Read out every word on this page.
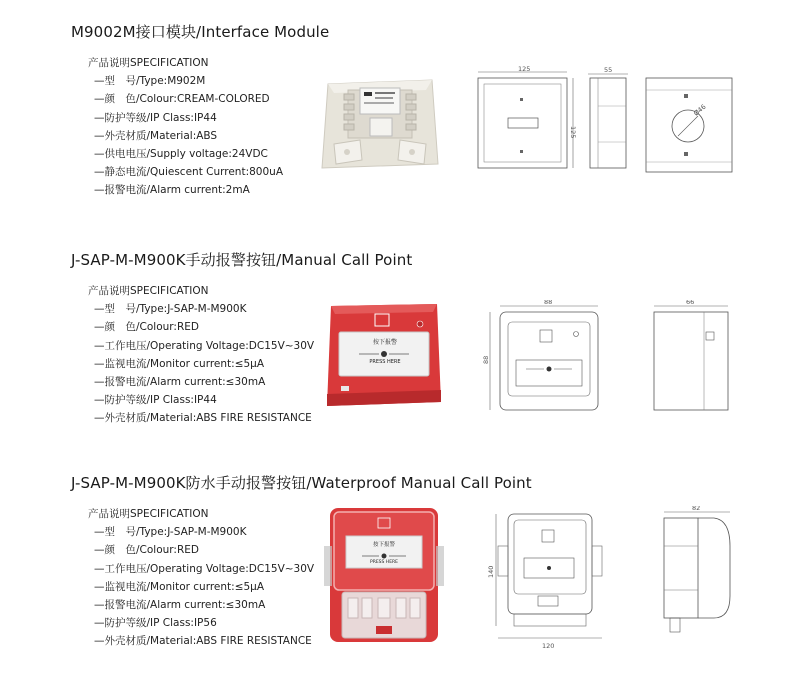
M9002M接口模块/Interface Module
产品说明SPECIFICATION
—型　号/Type:M902M
—颜　色/Colour:CREAM-COLORED
—防护等级/IP Class:IP44
—外壳材质/Material:ABS
—供电电压/Supply voltage:24VDC
—静态电流/Quiescent Current:800uA
—报警电流/Alarm current:2mA
125
125
55
Ø46
J-SAP-M-M900K手动报警按钮/Manual Call Point
产品说明SPECIFICATION
—型　号/Type:J-SAP-M-M900K
—颜　色/Colour:RED
—工作电压/Operating Voltage:DC15V~30V
—监视电流/Monitor current:≤5μA
—报警电流/Alarm current:≤30mA
—防护等级/IP Class:IP44
—外壳材质/Material:ABS FIRE RESISTANCE
按下报警
PRESS HERE
88
88
66
J-SAP-M-M900K防水手动报警按钮/Waterproof Manual Call Point
产品说明SPECIFICATION
—型　号/Type:J-SAP-M-M900K
—颜　色/Colour:RED
—工作电压/Operating Voltage:DC15V~30V
—监视电流/Monitor current:≤5μA
—报警电流/Alarm current:≤30mA
—防护等级/IP Class:IP56
—外壳材质/Material:ABS FIRE RESISTANCE
按下报警
PRESS HERE
140
120
82
